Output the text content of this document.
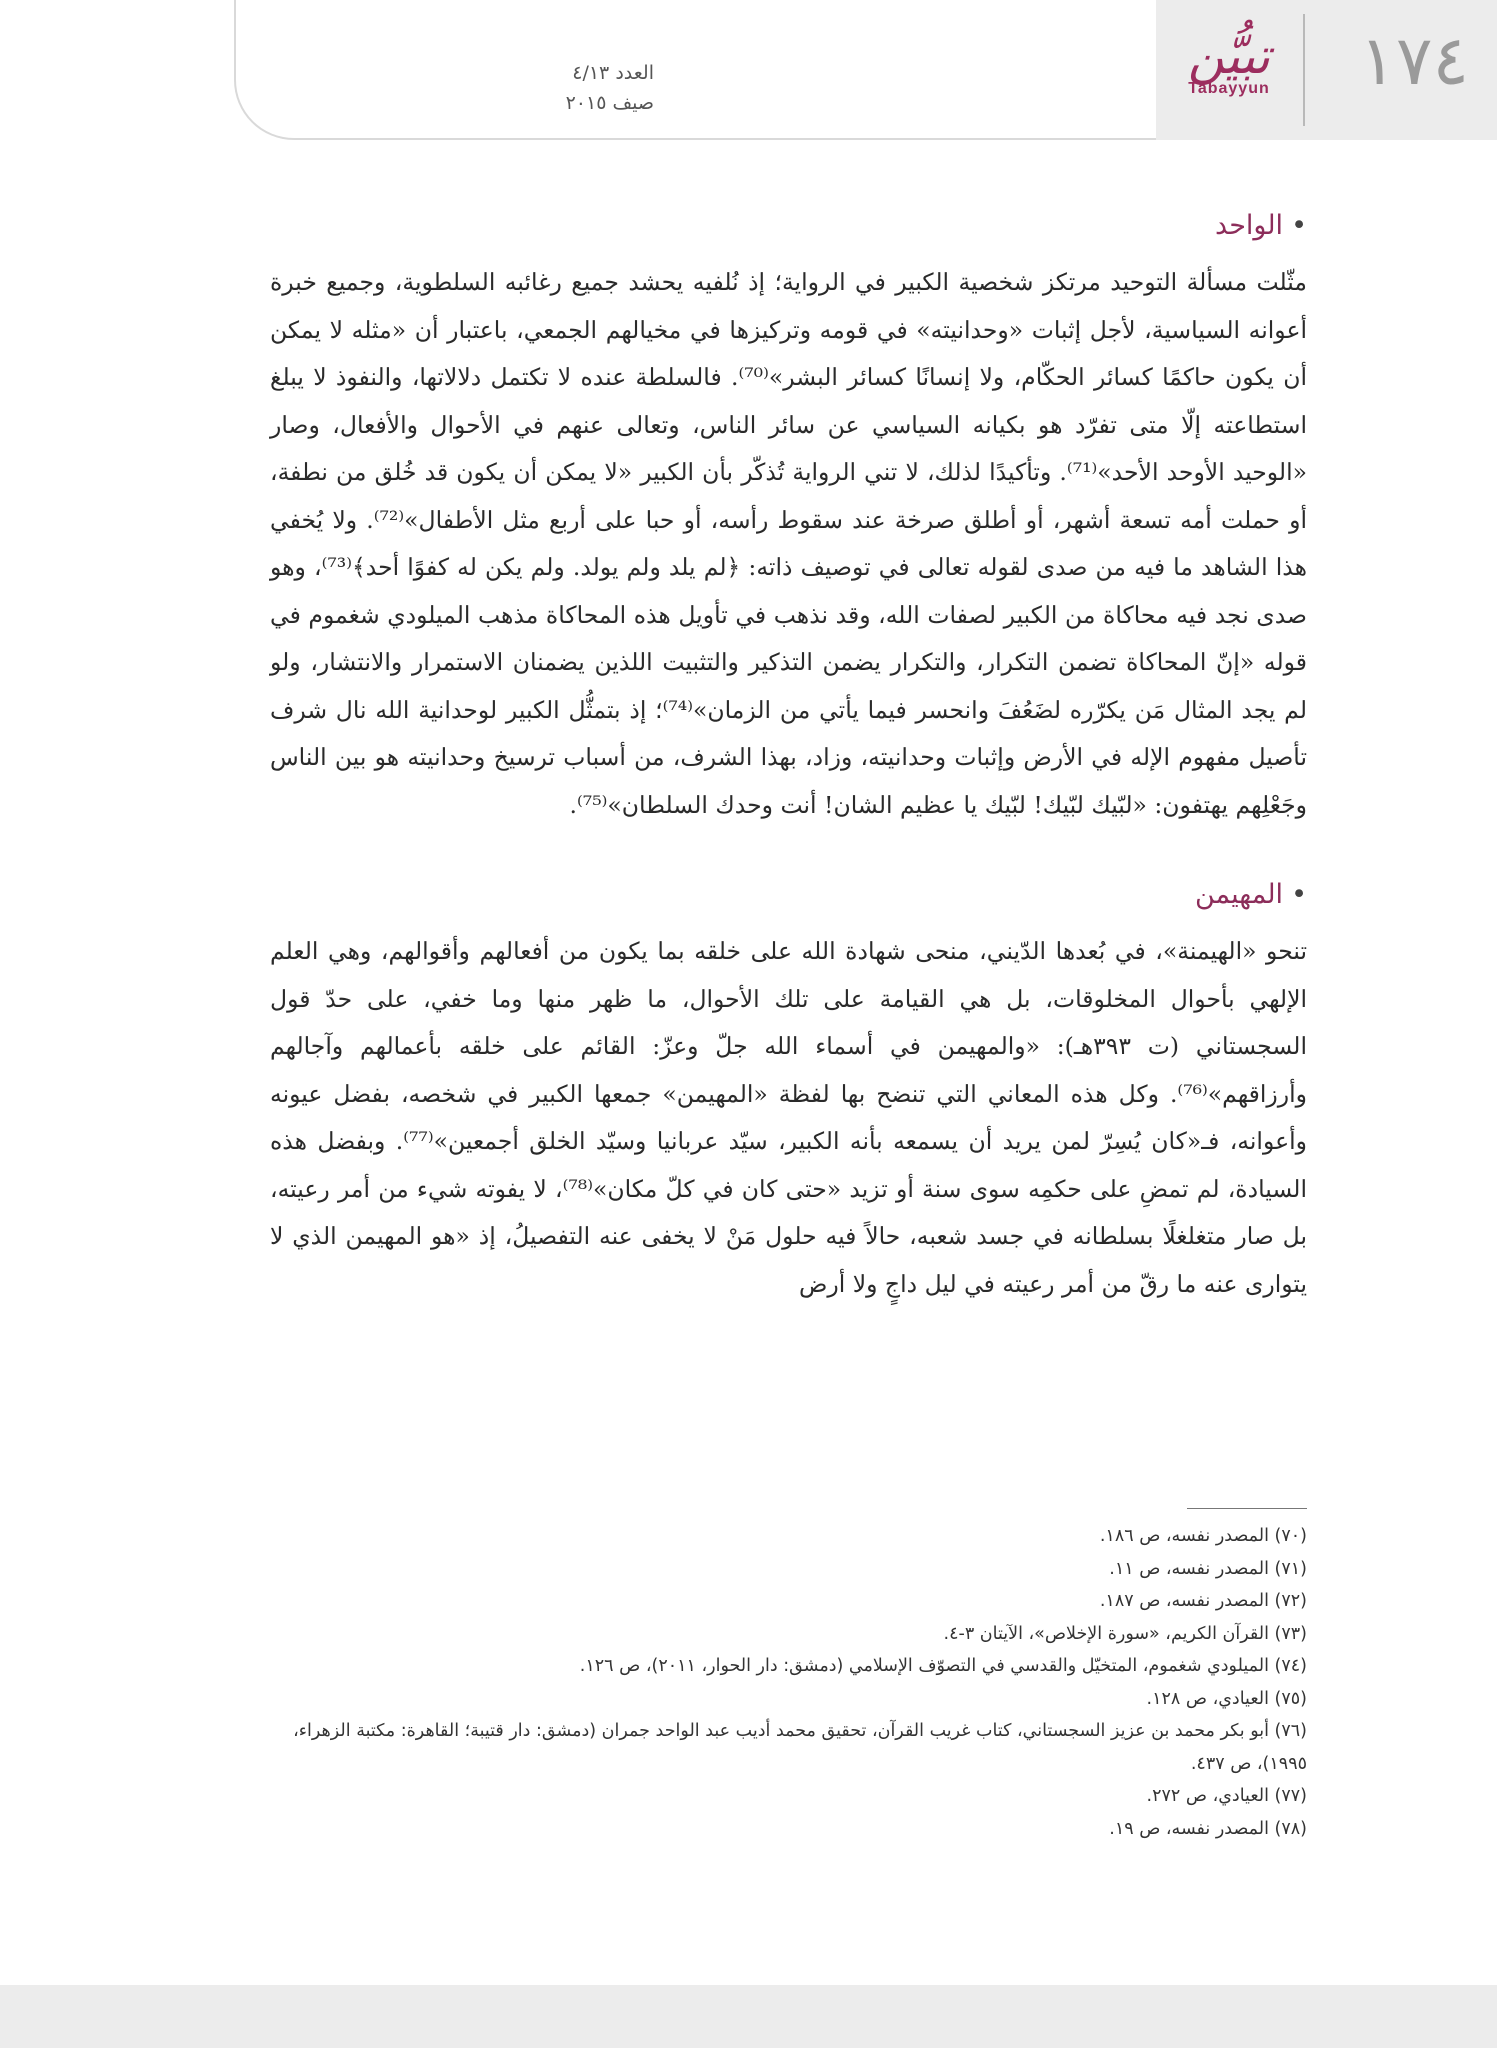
العدد ٤/١٣
صيف ٢٠١٥
تبيُّن
Tabayyun ١٧٤
•الواحد

مثّلت مسألة التوحيد مرتكز شخصية الكبير في الرواية؛ إذ نُلفيه يحشد جميع رغائبه السلطوية، وجميع خبرة أعوانه السياسية، لأجل إثبات «وحدانيته» في قومه وتركيزها في مخيالهم الجمعي، باعتبار أن «مثله لا يمكن أن يكون حاكمًا كسائر الحكّام، ولا إنسانًا كسائر البشر»⁽⁷⁰⁾. فالسلطة عنده لا تكتمل دلالاتها، والنفوذ لا يبلغ استطاعته إلّا متى تفرّد هو بكيانه السياسي عن سائر الناس، وتعالى عنهم في الأحوال والأفعال، وصار «الوحيد الأوحد الأحد»⁽⁷¹⁾. وتأكيدًا لذلك، لا تني الرواية تُذكّر بأن الكبير «لا يمكن أن يكون قد خُلق من نطفة، أو حملت أمه تسعة أشهر، أو أطلق صرخة عند سقوط رأسه، أو حبا على أربع مثل الأطفال»⁽⁷²⁾. ولا يُخفي هذا الشاهد ما فيه من صدى لقوله تعالى في توصيف ذاته: ﴿لم يلد ولم يولد. ولم يكن له كفوًا أحد﴾⁽⁷³⁾، وهو صدى نجد فيه محاكاة من الكبير لصفات الله، وقد نذهب في تأويل هذه المحاكاة مذهب الميلودي شغموم في قوله «إنّ المحاكاة تضمن التكرار، والتكرار يضمن التذكير والتثبيت اللذين يضمنان الاستمرار والانتشار، ولو لم يجد المثال مَن يكرّره لضَعُفَ وانحسر فيما يأتي من الزمان»⁽⁷⁴⁾؛ إذ بتمثُّل الكبير لوحدانية الله نال شرف تأصيل مفهوم الإله في الأرض وإثبات وحدانيته، وزاد، بهذا الشرف، من أسباب ترسيخ وحدانيته هو بين الناس وجَعْلِهم يهتفون: «لبّيك لبّيك! لبّيك يا عظيم الشان! أنت وحدك السلطان»⁽⁷⁵⁾.

•المهيمن

تنحو «الهيمنة»، في بُعدها الدّيني، منحى شهادة الله على خلقه بما يكون من أفعالهم وأقوالهم، وهي العلم الإلهي بأحوال المخلوقات، بل هي القيامة على تلك الأحوال، ما ظهر منها وما خفي، على حدّ قول السجستاني (ت ٣٩٣هـ): «والمهيمن في أسماء الله جلّ وعزّ: القائم على خلقه بأعمالهم وآجالهم وأرزاقهم»⁽⁷⁶⁾. وكل هذه المعاني التي تنضح بها لفظة «المهيمن» جمعها الكبير في شخصه، بفضل عيونه وأعوانه، فـ«كان يُسِرّ لمن يريد أن يسمعه بأنه الكبير، سيّد عربانيا وسيّد الخلق أجمعين»⁽⁷⁷⁾. وبفضل هذه السيادة، لم تمضِ على حكمِه سوى سنة أو تزيد «حتى كان في كلّ مكان»⁽⁷⁸⁾، لا يفوته شيء من أمر رعيته، بل صار متغلغلًا بسلطانه في جسد شعبه، حالاً فيه حلول مَنْ لا يخفى عنه التفصيلُ، إذ «هو المهيمن الذي لا يتوارى عنه ما رقّ من أمر رعيته في ليل داجٍ ولا أرض

(٧٠) المصدر نفسه، ص ١٨٦.
(٧١) المصدر نفسه، ص ١١.
(٧٢) المصدر نفسه، ص ١٨٧.
(٧٣) القرآن الكريم، «سورة الإخلاص»، الآيتان ٣-٤.
(٧٤) الميلودي شغموم، المتخيّل والقدسي في التصوّف الإسلامي (دمشق: دار الحوار، ٢٠١١)، ص ١٢٦.
(٧٥) العيادي، ص ١٢٨.
(٧٦) أبو بكر محمد بن عزيز السجستاني، كتاب غريب القرآن، تحقيق محمد أديب عبد الواحد جمران (دمشق: دار قتيبة؛ القاهرة: مكتبة الزهراء، ١٩٩٥)، ص ٤٣٧.
(٧٧) العيادي، ص ٢٧٢.
(٧٨) المصدر نفسه، ص ١٩.
